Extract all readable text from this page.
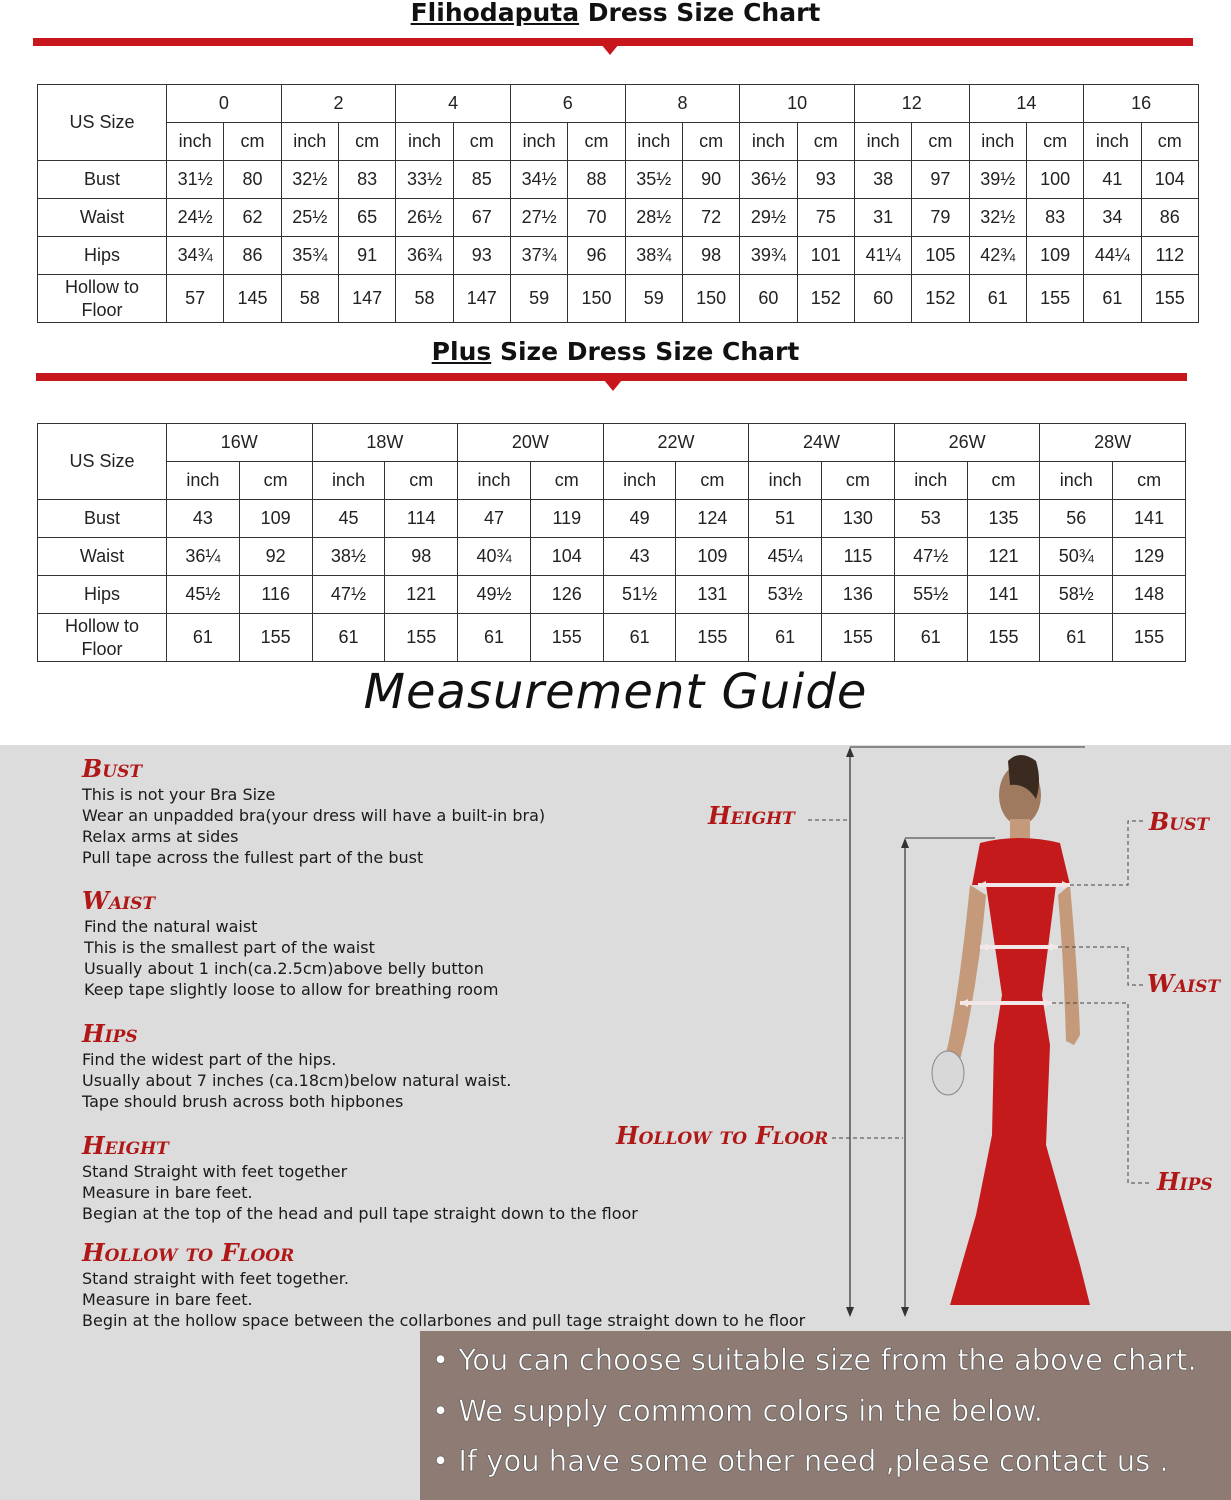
Flihodaputa Dress Size Chart
US Size	0		2		4		6		8		10		12		14		16	
	inch	cm	inch	cm	inch	cm	inch	cm	inch	cm	inch	cm	inch	cm	inch	cm	inch	cm
Bust	31½	80	32½	83	33½	85	34½	88	35½	90	36½	93	38	97	39½	100	41	104
Waist	24½	62	25½	65	26½	67	27½	70	28½	72	29½	75	31	79	32½	83	34	86
Hips	34¾	86	35¾	91	36¾	93	37¾	96	38¾	98	39¾	101	41¼	105	42¾	109	44¼	112
Hollow to Floor	57	145	58	147	58	147	59	150	59	150	60	152	60	152	61	155	61	155
Plus Size Dress Size Chart
US Size	16W		18W		20W		22W		24W		26W		28W	
	inch	cm	inch	cm	inch	cm	inch	cm	inch	cm	inch	cm	inch	cm
Bust	43	109	45	114	47	119	49	124	51	130	53	135	56	141
Waist	36¼	92	38½	98	40¾	104	43	109	45¼	115	47½	121	50¾	129
Hips	45½	116	47½	121	49½	126	51½	131	53½	136	55½	141	58½	148
Hollow to Floor	61	155	61	155	61	155	61	155	61	155	61	155	61	155
Measurement Guide
Bust
This is not your Bra Size
Wear an unpadded bra(your dress will have a built-in bra)
Relax arms at sides
Pull tape across the fullest part of the bust
Waist
Find the natural waist
This is the smallest part of the waist
Usually about 1 inch(ca.2.5cm)above belly button
Keep tape slightly loose to allow for breathing room
Hips
Find the widest part of the hips.
Usually about 7 inches (ca.18cm)below natural waist.
Tape should brush across both hipbones
Height
Stand Straight with feet together
Measure in bare feet.
Begian at the top of the head and pull tape straight down to the floor
Hollow to Floor
Stand straight with feet together.
Measure in bare feet.
Begin at the hollow space between the collarbones and pull tage straight down to he floor
Height	Bust
Waist
Hollow to Floor
Hips
• You can choose suitable size from the above chart.
• We supply commom colors in the below.
• If you have some other need ,please contact us .
